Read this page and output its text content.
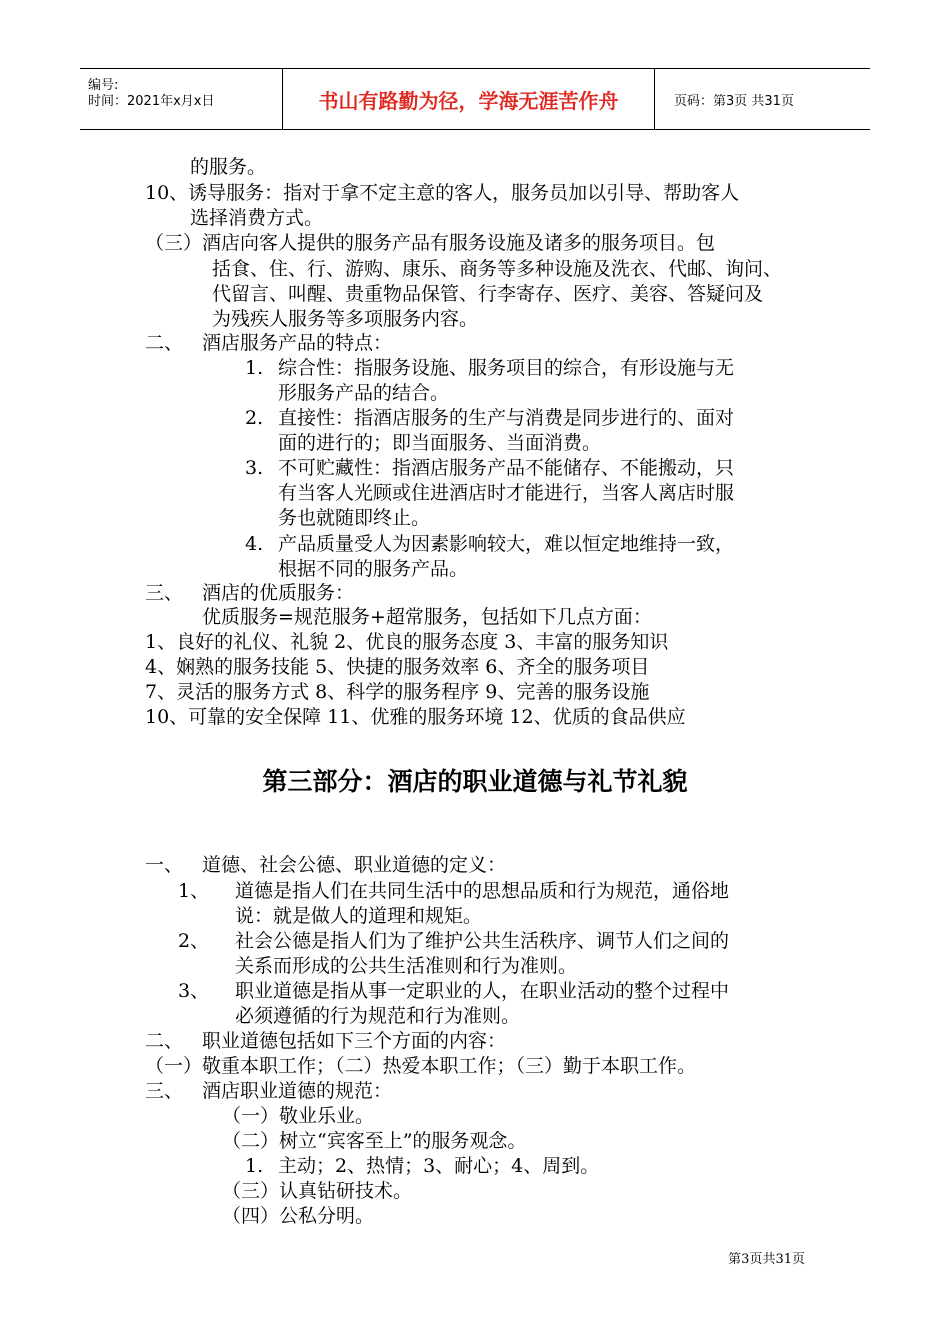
编号:
时间：2021年x月x日	书山有路勤为径，学海无涯苦作舟	页码：第3页 共31页
的服务。
10、诱导服务：指对于拿不定主意的客人，服务员加以引导、帮助客人
选择消费方式。
（三）酒店向客人提供的服务产品有服务设施及诸多的服务项目。包
括食、住、行、游购、康乐、商务等多种设施及洗衣、代邮、询问、
代留言、叫醒、贵重物品保管、行李寄存、医疗、美容、答疑问及
为残疾人服务等多项服务内容。
二、 酒店服务产品的特点：
1. 综合性：指服务设施、服务项目的综合，有形设施与无
形服务产品的结合。
2. 直接性：指酒店服务的生产与消费是同步进行的、面对
面的进行的；即当面服务、当面消费。
3. 不可贮藏性：指酒店服务产品不能储存、不能搬动，只
有当客人光顾或住进酒店时才能进行，当客人离店时服
务也就随即终止。
4. 产品质量受人为因素影响较大，难以恒定地维持一致，
根据不同的服务产品。
三、 酒店的优质服务：
优质服务=规范服务+超常服务，包括如下几点方面：
1、良好的礼仪、礼貌 2、优良的服务态度 3、丰富的服务知识
4、娴熟的服务技能 5、快捷的服务效率 6、齐全的服务项目
7、灵活的服务方式 8、科学的服务程序 9、完善的服务设施
10、可靠的安全保障 11、优雅的服务环境 12、优质的食品供应
第三部分：酒店的职业道德与礼节礼貌
一、 道德、社会公德、职业道德的定义：
1、 道德是指人们在共同生活中的思想品质和行为规范，通俗地
说：就是做人的道理和规矩。
2、 社会公德是指人们为了维护公共生活秩序、调节人们之间的
关系而形成的公共生活准则和行为准则。
3、 职业道德是指从事一定职业的人，在职业活动的整个过程中
必须遵循的行为规范和行为准则。
二、 职业道德包括如下三个方面的内容：
（一）敬重本职工作；（二）热爱本职工作；（三）勤于本职工作。
三、 酒店职业道德的规范：
（一）敬业乐业。
（二）树立“宾客至上”的服务观念。
1. 主动；2、热情；3、耐心；4、周到。
（三）认真钻研技术。
（四）公私分明。
第3页共31页
